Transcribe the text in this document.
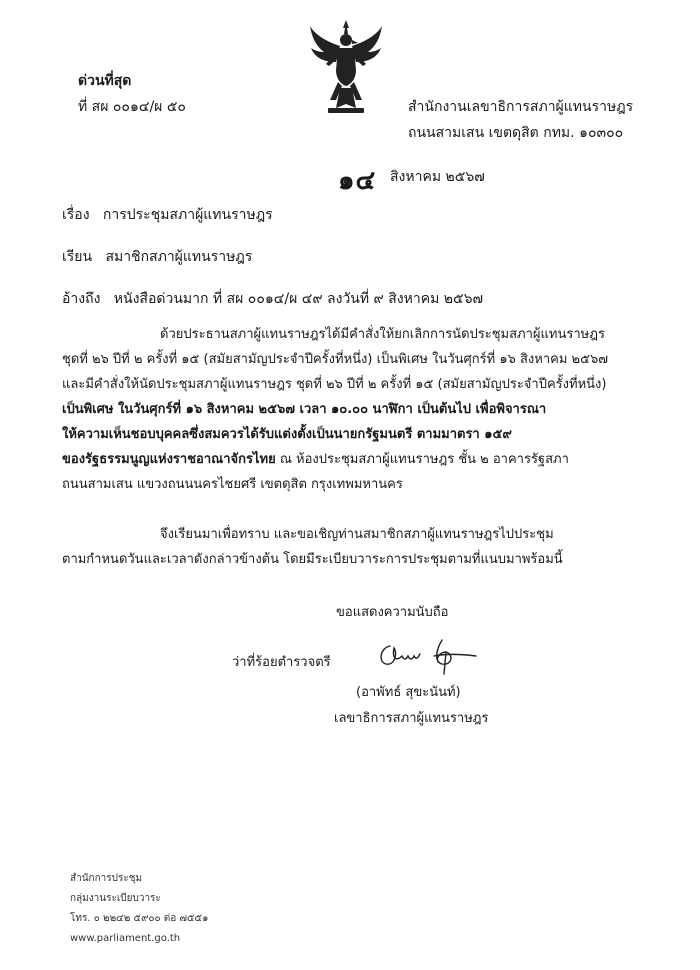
ด่วนที่สุด
ที่ สผ ๐๐๑๔/ผ ๕๐	สำนักงานเลขาธิการสภาผู้แทนราษฎร
ถนนสามเสน เขตดุสิต กทม. ๑๐๓๐๐
๑๔ สิงหาคม ๒๕๖๗
เรื่อง การประชุมสภาผู้แทนราษฎร
เรียน สมาชิกสภาผู้แทนราษฎร
อ้างถึง หนังสือด่วนมาก ที่ สผ ๐๐๑๔/ผ ๔๙ ลงวันที่ ๙ สิงหาคม ๒๕๖๗
ด้วยประธานสภาผู้แทนราษฎรได้มีคำสั่งให้ยกเลิกการนัดประชุมสภาผู้แทนราษฎร
ชุดที่ ๒๖ ปีที่ ๒ ครั้งที่ ๑๕ (สมัยสามัญประจำปีครั้งที่หนึ่ง) เป็นพิเศษ ในวันศุกร์ที่ ๑๖ สิงหาคม ๒๕๖๗
และมีคำสั่งให้นัดประชุมสภาผู้แทนราษฎร ชุดที่ ๒๖ ปีที่ ๒ ครั้งที่ ๑๕ (สมัยสามัญประจำปีครั้งที่หนึ่ง)
เป็นพิเศษ ในวันศุกร์ที่ ๑๖ สิงหาคม ๒๕๖๗ เวลา ๑๐.๐๐ นาฬิกา เป็นต้นไป เพื่อพิจารณา
ให้ความเห็นชอบบุคคลซึ่งสมควรได้รับแต่งตั้งเป็นนายกรัฐมนตรี ตามมาตรา ๑๕๙
ของรัฐธรรมนูญแห่งราชอาณาจักรไทย ณ ห้องประชุมสภาผู้แทนราษฎร ชั้น ๒ อาคารรัฐสภา
ถนนสามเสน แขวงถนนนครไชยศรี เขตดุสิต กรุงเทพมหานคร
จึงเรียนมาเพื่อทราบ และขอเชิญท่านสมาชิกสภาผู้แทนราษฎรไปประชุม
ตามกำหนดวันและเวลาดังกล่าวข้างต้น โดยมีระเบียบวาระการประชุมตามที่แนบมาพร้อมนี้
ขอแสดงความนับถือ
ว่าที่ร้อยตำรวจตรี
(อาพัทธ์ สุขะนันท์)
เลขาธิการสภาผู้แทนราษฎร
สำนักการประชุม
กลุ่มงานระเบียบวาระ
โทร. ๐ ๒๒๔๒ ๕๙๐๐ ต่อ ๗๕๕๑
www.parliament.go.th
